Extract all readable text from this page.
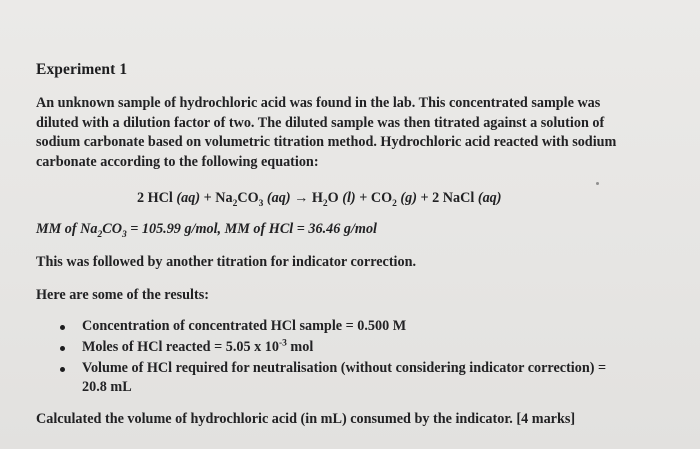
Experiment 1
An unknown sample of hydrochloric acid was found in the lab. This concentrated sample was
diluted with a dilution factor of two. The diluted sample was then titrated against a solution of
sodium carbonate based on volumetric titration method. Hydrochloric acid reacted with sodium
carbonate according to the following equation:
2 HCl $(aq) + Na_2CO_3$ $(aq) \to H_2O$ $(l) + CO_2$ (g) + 2 NaCl (aq)
MM of $Na_2CO_3 = 105.99$ g/mol, MM of HCl = 36.46 g/mol
This was followed by another titration for indicator correction.
Here are some of the results:
Concentration of concentrated HCl sample = 0.500 M
Moles of HCl reacted = 5.05 x $10^{-3}$ mol
Volume of HCl required for neutralisation (without considering indicator correction) =
20.8 mL
Calculated the volume of hydrochloric acid (in mL) consumed by the indicator. [4 marks]
